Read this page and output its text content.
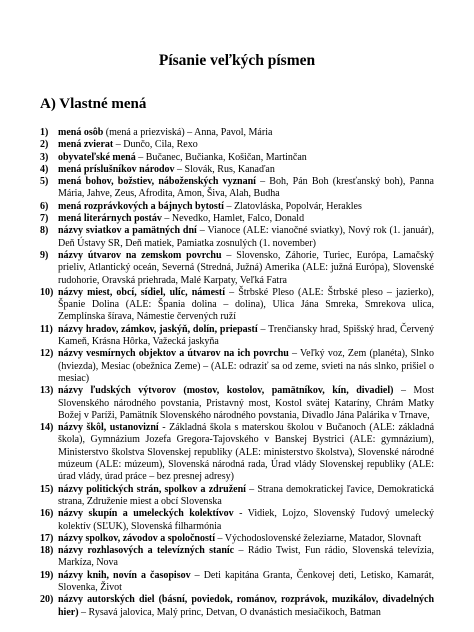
Písanie veľkých písmen
A) Vlastné mená
1) mená osôb (mená a priezviská) – Anna, Pavol, Mária
2) mená zvierat – Dunčo, Cila, Rexo
3) obyvateľské mená – Bučanec, Bučianka, Košičan, Martinčan
4) mená príslušníkov národov – Slovák, Rus, Kanaďan
5) mená bohov, božstiev, náboženských vyznaní – Boh, Pán Boh (kresťanský boh), Panna Mária, Jahve, Zeus, Afrodita, Amon, Šiva, Alah, Budha
6) mená rozprávkových a bájnych bytostí – Zlatovláska, Popolvár, Herakles
7) mená literárnych postáv – Nevedko, Hamlet, Falco, Donald
8) názvy sviatkov a pamätných dní – Vianoce (ALE: vianočné sviatky), Nový rok (1. január), Deň Ústavy SR, Deň matiek, Pamiatka zosnulých (1. november)
9) názvy útvarov na zemskom povrchu – Slovensko, Záhorie, Turiec, Európa, Lamačský prieliv, Atlantický oceán, Severná (Stredná, Južná) Amerika (ALE: južná Európa), Slovenské rudohorie, Oravská priehrada, Malé Karpaty, Veľká Fatra
10) názvy miest, obcí, sídiel, ulíc, námestí – Štrbské Pleso (ALE: Štrbské pleso – jazierko), Španie Dolina (ALE: Špania dolina – dolina), Ulica Jána Smreka, Smrekova ulica, Zemplínska šírava, Námestie červených ruží
11) názvy hradov, zámkov, jaskýň, dolín, priepastí – Trenčiansky hrad, Spišský hrad, Červený Kameň, Krásna Hôrka, Važecká jaskyňa
12) názvy vesmírnych objektov a útvarov na ich povrchu – Veľký voz, Zem (planéta), Slnko (hviezda), Mesiac (obežnica Zeme) – (ALE: odraziť sa od zeme, svieti na nás slnko, prišiel o mesiac)
13) názvy ľudských výtvorov (mostov, kostolov, pamätníkov, kín, divadiel) – Most Slovenského národného povstania, Pristavný most, Kostol svätej Kataríny, Chrám Matky Božej v Paríži, Pamätník Slovenského národného povstania, Divadlo Jána Palárika v Trnave,
14) názvy škôl, ustanovizní - Základná škola s materskou školou v Bučanoch (ALE: základná škola), Gymnázium Jozefa Gregora-Tajovského v Banskej Bystrici (ALE: gymnázium), Ministerstvo školstva Slovenskej republiky (ALE: ministerstvo školstva), Slovenské národné múzeum (ALE: múzeum), Slovenská národná rada, Úrad vlády Slovenskej republiky (ALE: úrad vlády, úrad práce – bez presnej adresy)
15) názvy politických strán, spolkov a združení – Strana demokratickej ľavice, Demokratická strana, Združenie miest a obcí Slovenska
16) názvy skupín a umeleckých kolektívov - Vidiek, Lojzo, Slovenský ľudový umelecký kolektív (SĽUK), Slovenská filharmónia
17) názvy spolkov, závodov a spoločností – Východoslovenské železiarne, Matador, Slovnaft
18) názvy rozhlasových a televízných staníc – Rádio Twist, Fun rádio, Slovenská televízia, Markíza, Nova
19) názvy knih, novín a časopisov – Deti kapitána Granta, Čenkovej deti, Letisko, Kamarát, Slovenka, Život
20) názvy autorských diel (básní, poviedok, románov, rozprávok, muzikálov, divadelných hier) – Rysavá jalovica, Malý princ, Detvan, O dvanástich mesiačikoch, Batman
